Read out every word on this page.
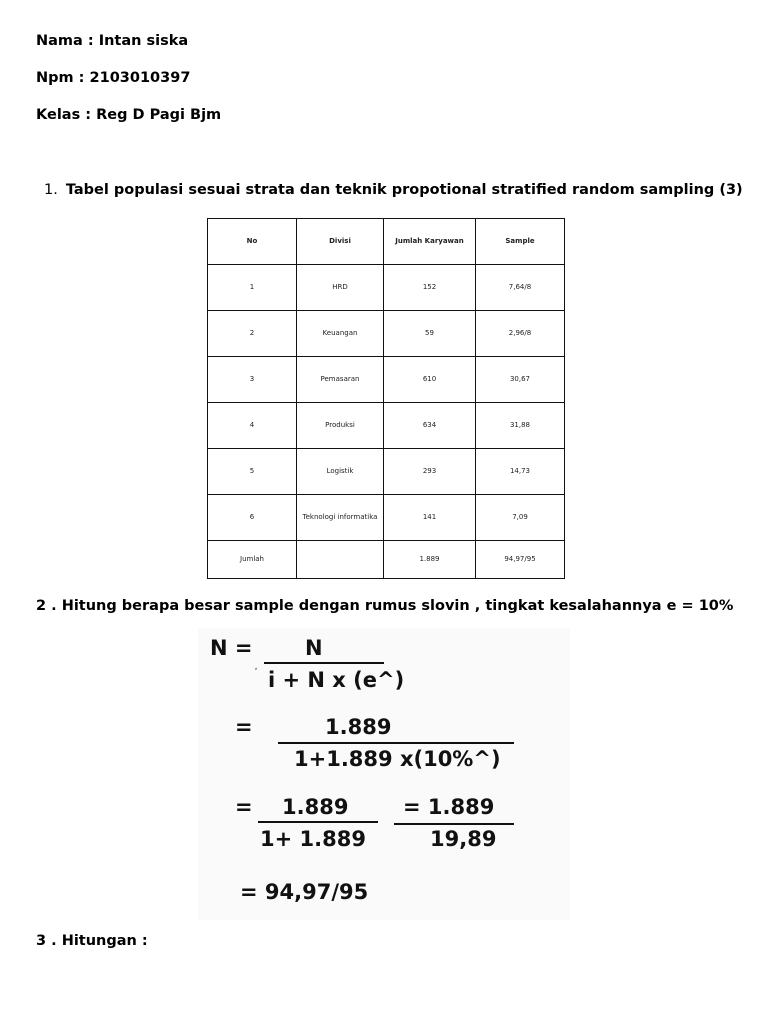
Nama : Intan siska
Npm : 2103010397
Kelas : Reg D Pagi Bjm
1. Tabel populasi sesuai strata dan teknik propotional stratified random sampling (3)
No	Divisi	Jumlah Karyawan	Sample
1	HRD	152	7,64/8
2	Keuangan	59	2,96/8
3	Pemasaran	610	30,67
4	Produksi	634	31,88
5	Logistik	293	14,73
6	Teknologi informatika	141	7,09
Jumlah		1.889	94,97/95
2 . Hitung berapa besar sample dengan rumus slovin , tingkat kesalahannya e = 10%
N =	N
,
i + N x (e^)
=	1.889
1+1.889 x(10%^)
= 1.889
1+ 1.889
= 1.889
19,89
= 94,97/95
3 . Hitungan :
